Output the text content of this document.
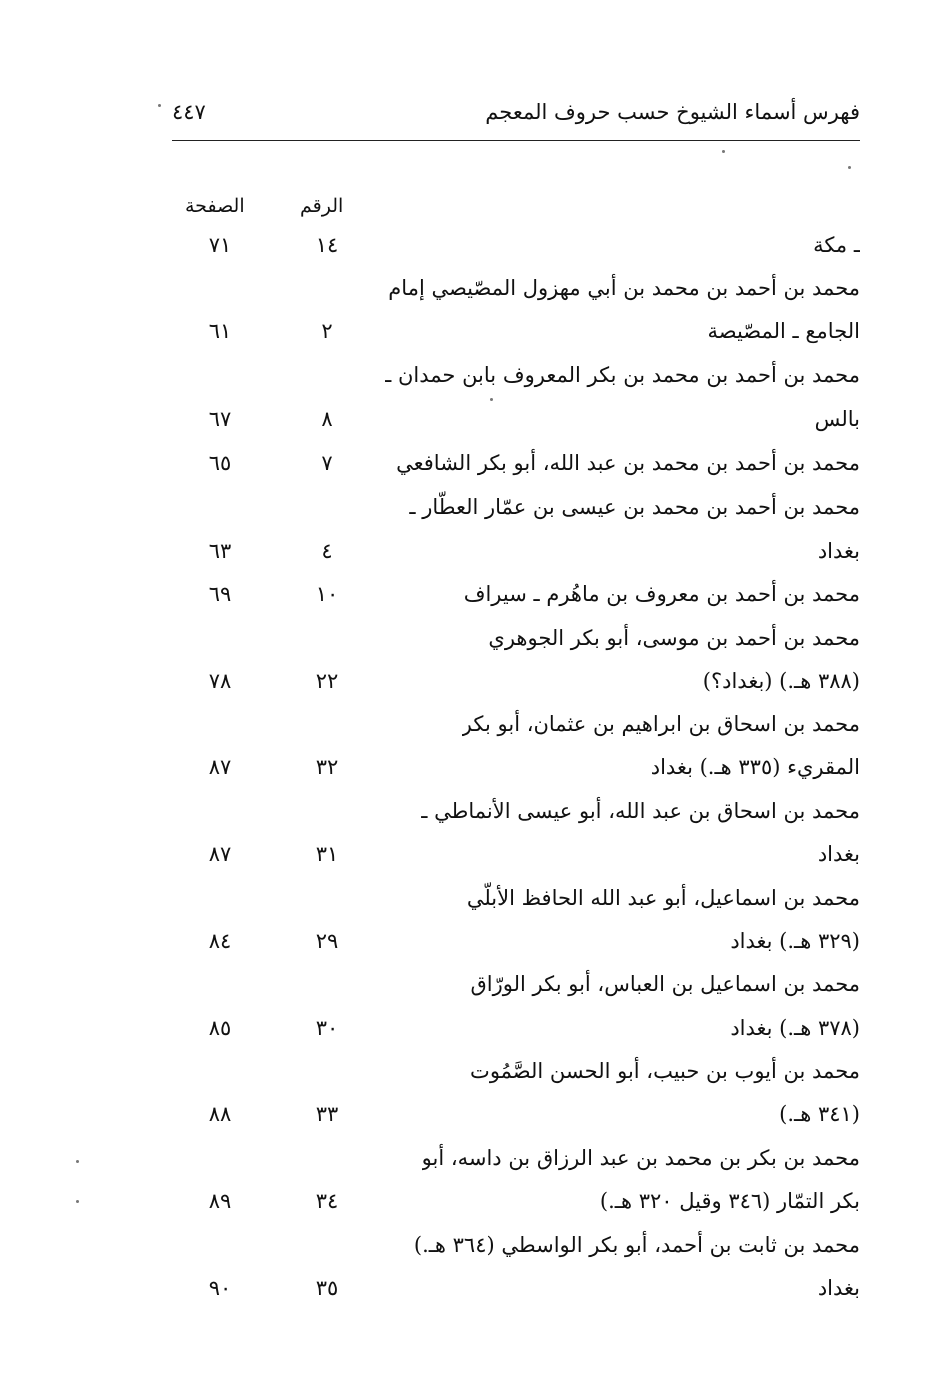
فهرس أسماء الشيوخ حسب حروف المعجم
٤٤٧
الرقم
الصفحة
ـ مكة
محمد بن أحمد بن محمد بن أبي مهزول المصّيصي إمام
الجامع ـ المصّيصة
محمد بن أحمد بن محمد بن بكر المعروف بابن حمدان ـ
بالس
محمد بن أحمد بن محمد بن عبد الله، أبو بكر الشافعي
محمد بن أحمد بن محمد بن عيسى بن عمّار العطّار ـ
بغداد
محمد بن أحمد بن معروف بن ماهُرم ـ سيراف
محمد بن أحمد بن موسى، أبو بكر الجوهري
(٣٨٨ هـ.) (بغداد؟)
محمد بن اسحاق بن ابراهيم بن عثمان، أبو بكر
المقريء (٣٣٥ هـ.) بغداد
محمد بن اسحاق بن عبد الله، أبو عيسى الأنماطي ـ
بغداد
محمد بن اسماعيل، أبو عبد الله الحافظ الأبلّي
(٣٢٩ هـ.) بغداد
محمد بن اسماعيل بن العباس، أبو بكر الورّاق
(٣٧٨ هـ.) بغداد
محمد بن أيوب بن حبيب، أبو الحسن الصَّمُوت
(٣٤١ هـ.)
محمد بن بكر بن محمد بن عبد الرزاق بن داسه، أبو
بكر التمّار (٣٤٦ وقيل ٣٢٠ هـ.)
محمد بن ثابت بن أحمد، أبو بكر الواسطي (٣٦٤ هـ.)
بغداد
١٤
٧١
٢
٦١
٨
٦٧
٧
٦٥
٤
٦٣
١٠
٦٩
٢٢
٧٨
٣٢
٨٧
٣١
٨٧
٢٩
٨٤
٣٠
٨٥
٣٣
٨٨
٣٤
٨٩
٣٥
٩٠
